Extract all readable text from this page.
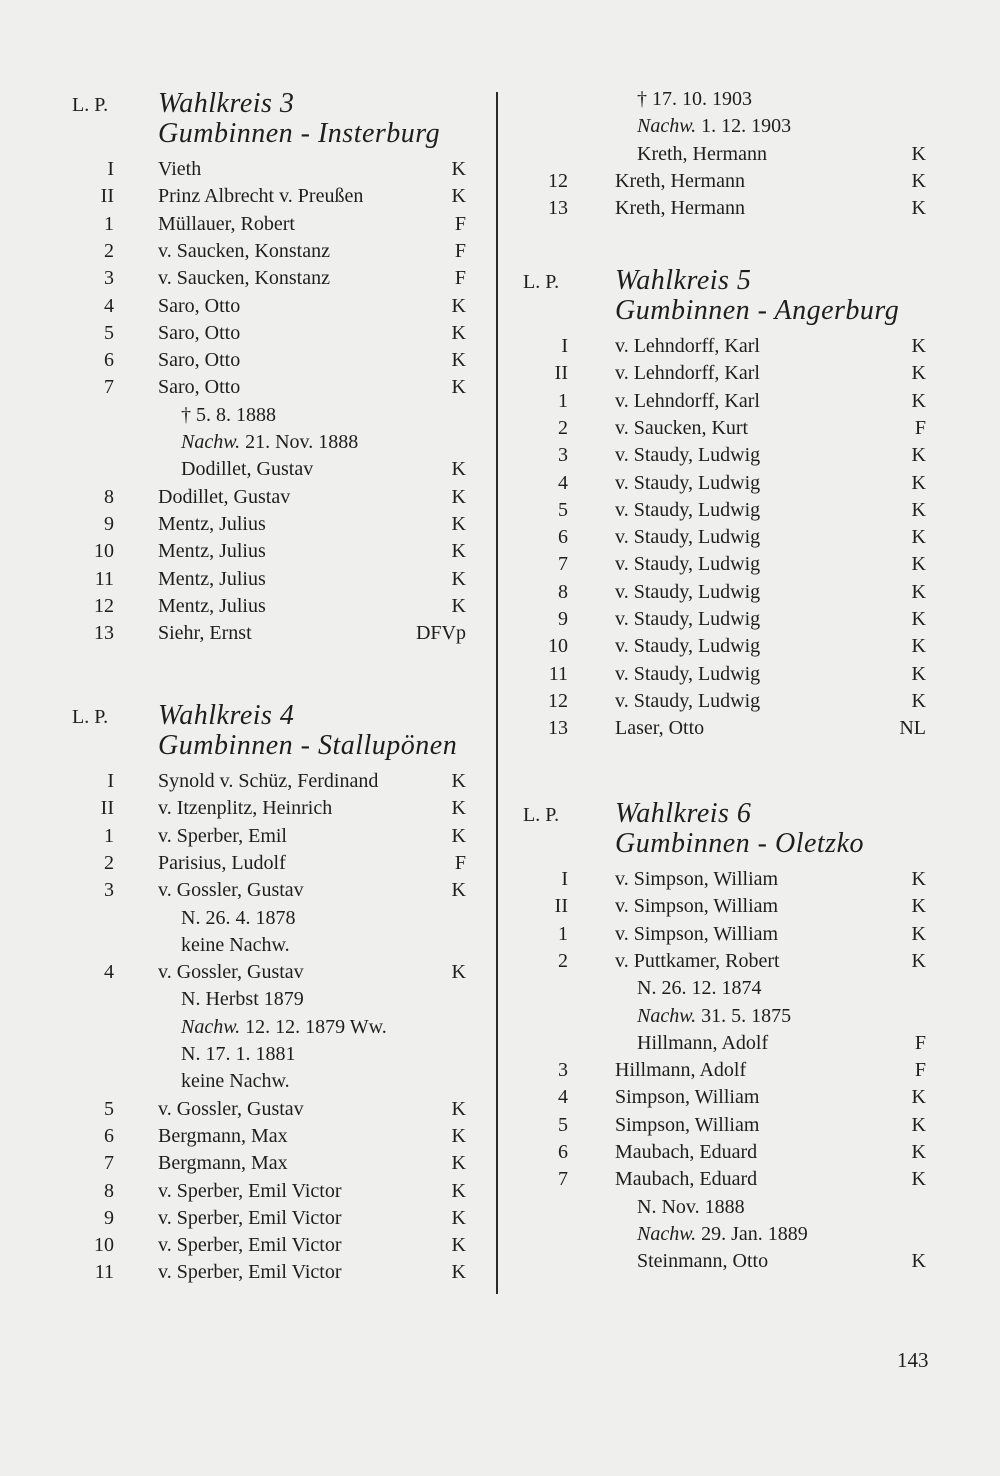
L. P. Wahlkreis 3
Gumbinnen - Insterburg
I Vieth	K
II Prinz Albrecht v. Preußen	K
1 Müllauer, Robert	F
2 v. Saucken, Konstanz	F
3 v. Saucken, Konstanz	F
4 Saro, Otto	K
5 Saro, Otto	K
6 Saro, Otto	K
7 Saro, Otto	K
† 5. 8. 1888
Nachw. 21. Nov. 1888
Dodillet, Gustav	K
8 Dodillet, Gustav	K
9 Mentz, Julius	K
10 Mentz, Julius	K
11 Mentz, Julius	K
12 Mentz, Julius	K
13 Siehr, Ernst	DFVp
L. P. Wahlkreis 4
Gumbinnen - Stallupönen
I Synold v. Schüz, Ferdinand	K
II v. Itzenplitz, Heinrich	K
1 v. Sperber, Emil	K
2 Parisius, Ludolf	F
3 v. Gossler, Gustav	K
N. 26. 4. 1878
keine Nachw.
4 v. Gossler, Gustav	K
N. Herbst 1879
Nachw. 12. 12. 1879 Ww.
N. 17. 1. 1881
keine Nachw.
5 v. Gossler, Gustav	K
6 Bergmann, Max	K
7 Bergmann, Max	K
8 v. Sperber, Emil Victor	K
9 v. Sperber, Emil Victor	K
10 v. Sperber, Emil Victor	K
11 v. Sperber, Emil Victor	K
† 17. 10. 1903
Nachw. 1. 12. 1903
Kreth, Hermann	K
12 Kreth, Hermann	K
13 Kreth, Hermann	K
L. P. Wahlkreis 5
Gumbinnen - Angerburg
I v. Lehndorff, Karl	K
II v. Lehndorff, Karl	K
1 v. Lehndorff, Karl	K
2 v. Saucken, Kurt	F
3 v. Staudy, Ludwig	K
4 v. Staudy, Ludwig	K
5 v. Staudy, Ludwig	K
6 v. Staudy, Ludwig	K
7 v. Staudy, Ludwig	K
8 v. Staudy, Ludwig	K
9 v. Staudy, Ludwig	K
10 v. Staudy, Ludwig	K
11 v. Staudy, Ludwig	K
12 v. Staudy, Ludwig	K
13 Laser, Otto	NL
L. P. Wahlkreis 6
Gumbinnen - Oletzko
I v. Simpson, William	K
II v. Simpson, William	K
1 v. Simpson, William	K
2 v. Puttkamer, Robert	K
N. 26. 12. 1874
Nachw. 31. 5. 1875
Hillmann, Adolf	F
3 Hillmann, Adolf	F
4 Simpson, William	K
5 Simpson, William	K
6 Maubach, Eduard	K
7 Maubach, Eduard	K
N. Nov. 1888
Nachw. 29. Jan. 1889
Steinmann, Otto	K
143
